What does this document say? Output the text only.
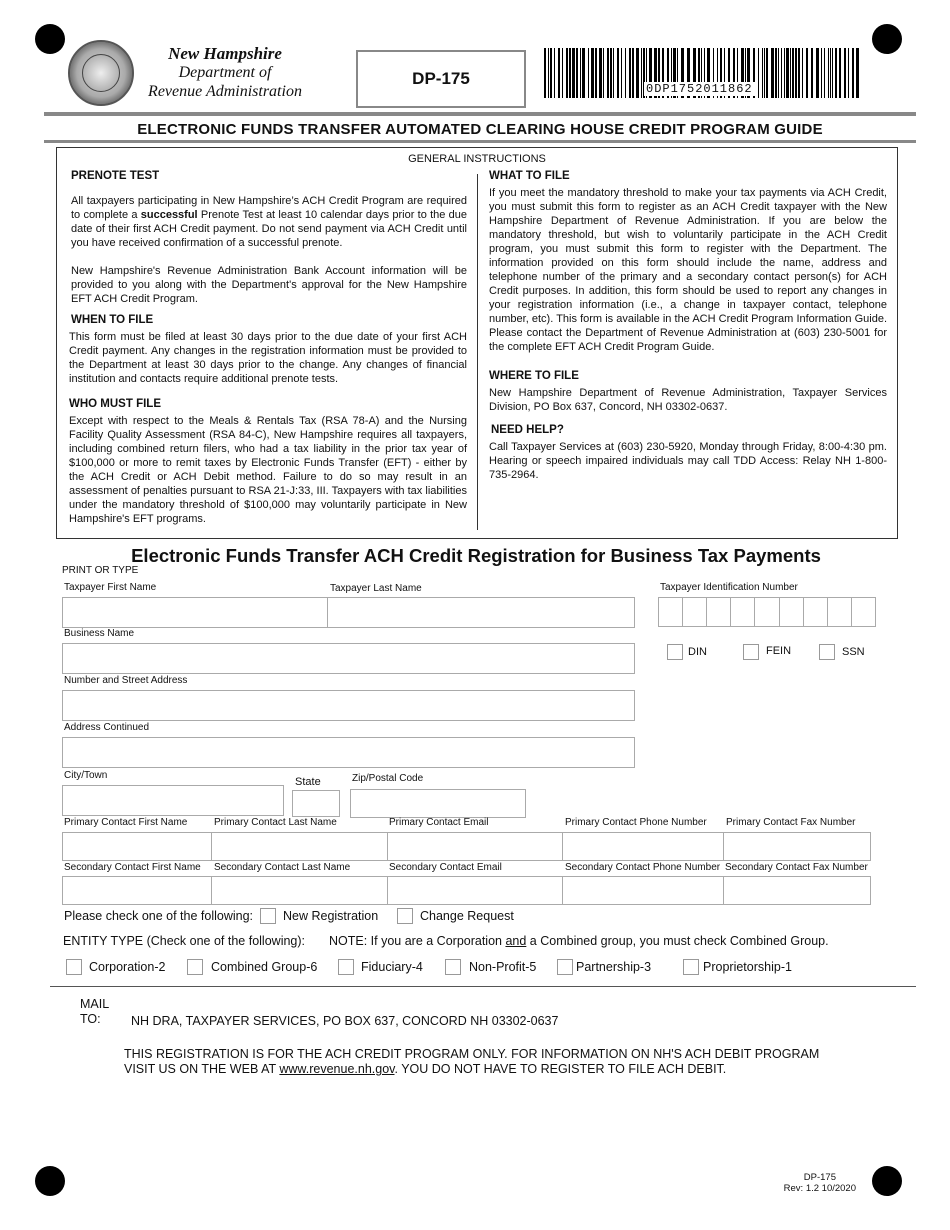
New Hampshire
Department of
Revenue Administration
DP-175
0DP1752011862
ELECTRONIC FUNDS TRANSFER AUTOMATED CLEARING HOUSE CREDIT PROGRAM GUIDE
GENERAL INSTRUCTIONS
PRENOTE TEST
All taxpayers participating in New Hampshire’s ACH Credit Program are required to complete a successful Prenote Test at least 10 calendar days prior to the due date of their first ACH Credit payment. Do not send payment via ACH Credit until you have received confirmation of a successful prenote.
New Hampshire's Revenue Administration Bank Account information will be provided to you along with the Department's approval for the New Hampshire EFT ACH Credit Program.
WHEN TO FILE
This form must be filed at least 30 days prior to the due date of your first ACH Credit payment. Any changes in the registration information must be provided to the Department at least 30 days prior to the change. Any changes of financial institution and contacts require additional prenote tests.
WHO MUST FILE
Except with respect to the Meals & Rentals Tax (RSA 78-A) and the Nursing Facility Quality Assessment (RSA 84-C), New Hampshire requires all taxpayers, including combined return filers, who had a tax liability in the prior tax year of $100,000 or more to remit taxes by Electronic Funds Transfer (EFT) - either by the ACH Credit or ACH Debit method. Failure to do so may result in an assessment of penalties pursuant to RSA 21-J:33, III. Taxpayers with tax liabilities under the mandatory threshold of $100,000 may voluntarily participate in New Hampshire's EFT programs.
WHAT TO FILE
If you meet the mandatory threshold to make your tax payments via ACH Credit, you must submit this form to register as an ACH Credit taxpayer with the New Hampshire Department of Revenue Administration. If you are below the mandatory threshold, but wish to voluntarily participate in the ACH Credit program, you must submit this form to register with the Department. The information provided on this form should include the name, address and telephone number of the primary and a secondary contact person(s) for ACH Credit purposes. In addition, this form should be used to report any changes in your registration information (i.e., a change in taxpayer contact, telephone number, etc). This form is available in the ACH Credit Program Information Guide. Please contact the Department of Revenue Administration at (603) 230-5001 for the complete EFT ACH Credit Program Guide.
WHERE TO FILE
New Hampshire Department of Revenue Administration, Taxpayer Services Division, PO Box 637, Concord, NH 03302-0637.
NEED HELP?
Call Taxpayer Services at (603) 230-5920, Monday through Friday, 8:00-4:30 pm. Hearing or speech impaired individuals may call TDD Access: Relay NH 1-800-735-2964.
Electronic Funds Transfer ACH Credit Registration for Business Tax Payments
PRINT OR TYPE
Taxpayer First Name	Taxpayer Last Name	Taxpayer Identification Number
Business Name
DIN	FEIN	SSN
Number and Street Address
Address Continued
City/Town
State	Zip/Postal Code
Primary Contact First Name	Primary Contact Last Name	Primary Contact Email	Primary Contact Phone Number Primary Contact Fax Number
Secondary Contact First Name Secondary Contact Last Name	Secondary Contact Email	Secondary Contact Phone Number Secondary Contact Fax Number
Please check one of the following: New Registration	Change Request
ENTITY TYPE (Check one of the following): NOTE: If you are a Corporation and a Combined group, you must check Combined Group.
Corporation-2	Combined Group-6	Fiduciary-4	Non-Profit-5	Partnership-3	Proprietorship-1
MAIL
TO: NH DRA, TAXPAYER SERVICES, PO BOX 637, CONCORD NH 03302-0637
THIS REGISTRATION IS FOR THE ACH CREDIT PROGRAM ONLY. FOR INFORMATION ON NH'S ACH DEBIT PROGRAM
VISIT US ON THE WEB AT www.revenue.nh.gov. YOU DO NOT HAVE TO REGISTER TO FILE ACH DEBIT.
DP-175
Rev: 1.2 10/2020
